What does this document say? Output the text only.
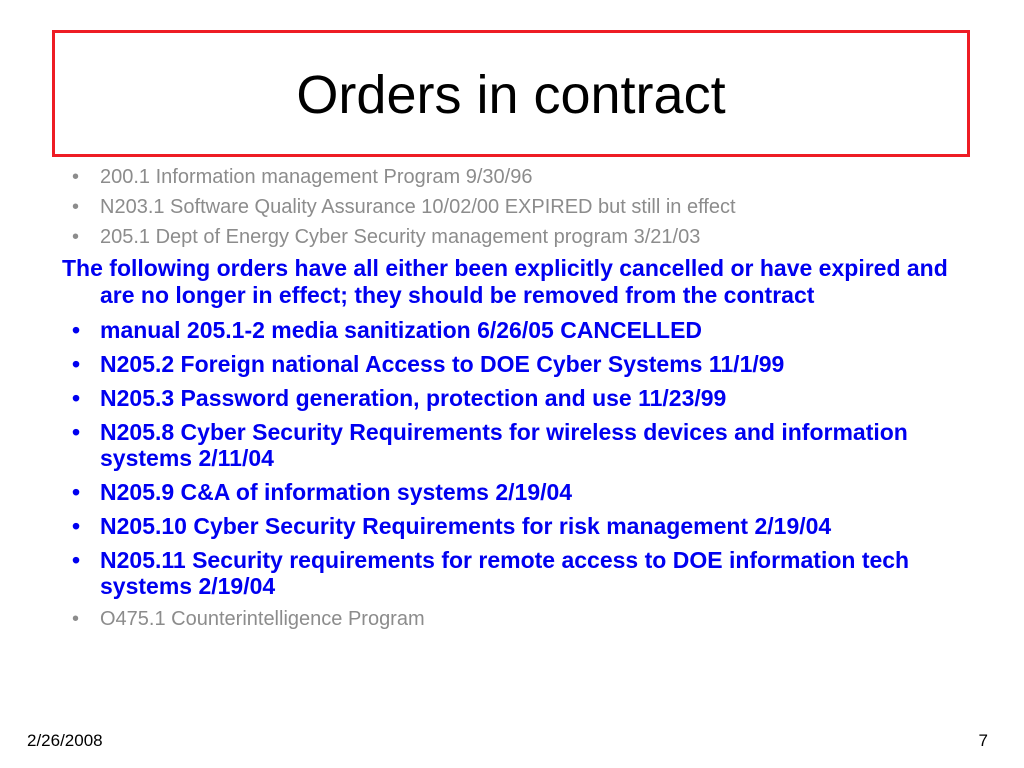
Orders in contract
• 200.1 Information management Program 9/30/96
• N203.1 Software Quality Assurance 10/02/00 EXPIRED but still in effect
• 205.1 Dept of Energy Cyber Security management program 3/21/03
The following orders have all either been explicitly cancelled or have expired and are no longer in effect; they should be removed from the contract
• manual 205.1-2 media sanitization 6/26/05 CANCELLED
• N205.2 Foreign national Access to DOE Cyber Systems 11/1/99
• N205.3 Password generation, protection and use 11/23/99
• N205.8 Cyber Security Requirements for wireless devices and information systems 2/11/04
• N205.9 C&A of information systems 2/19/04
• N205.10 Cyber Security Requirements for risk management 2/19/04
• N205.11 Security requirements for remote access to DOE information tech systems 2/19/04
• O475.1 Counterintelligence Program
2/26/2008	7
